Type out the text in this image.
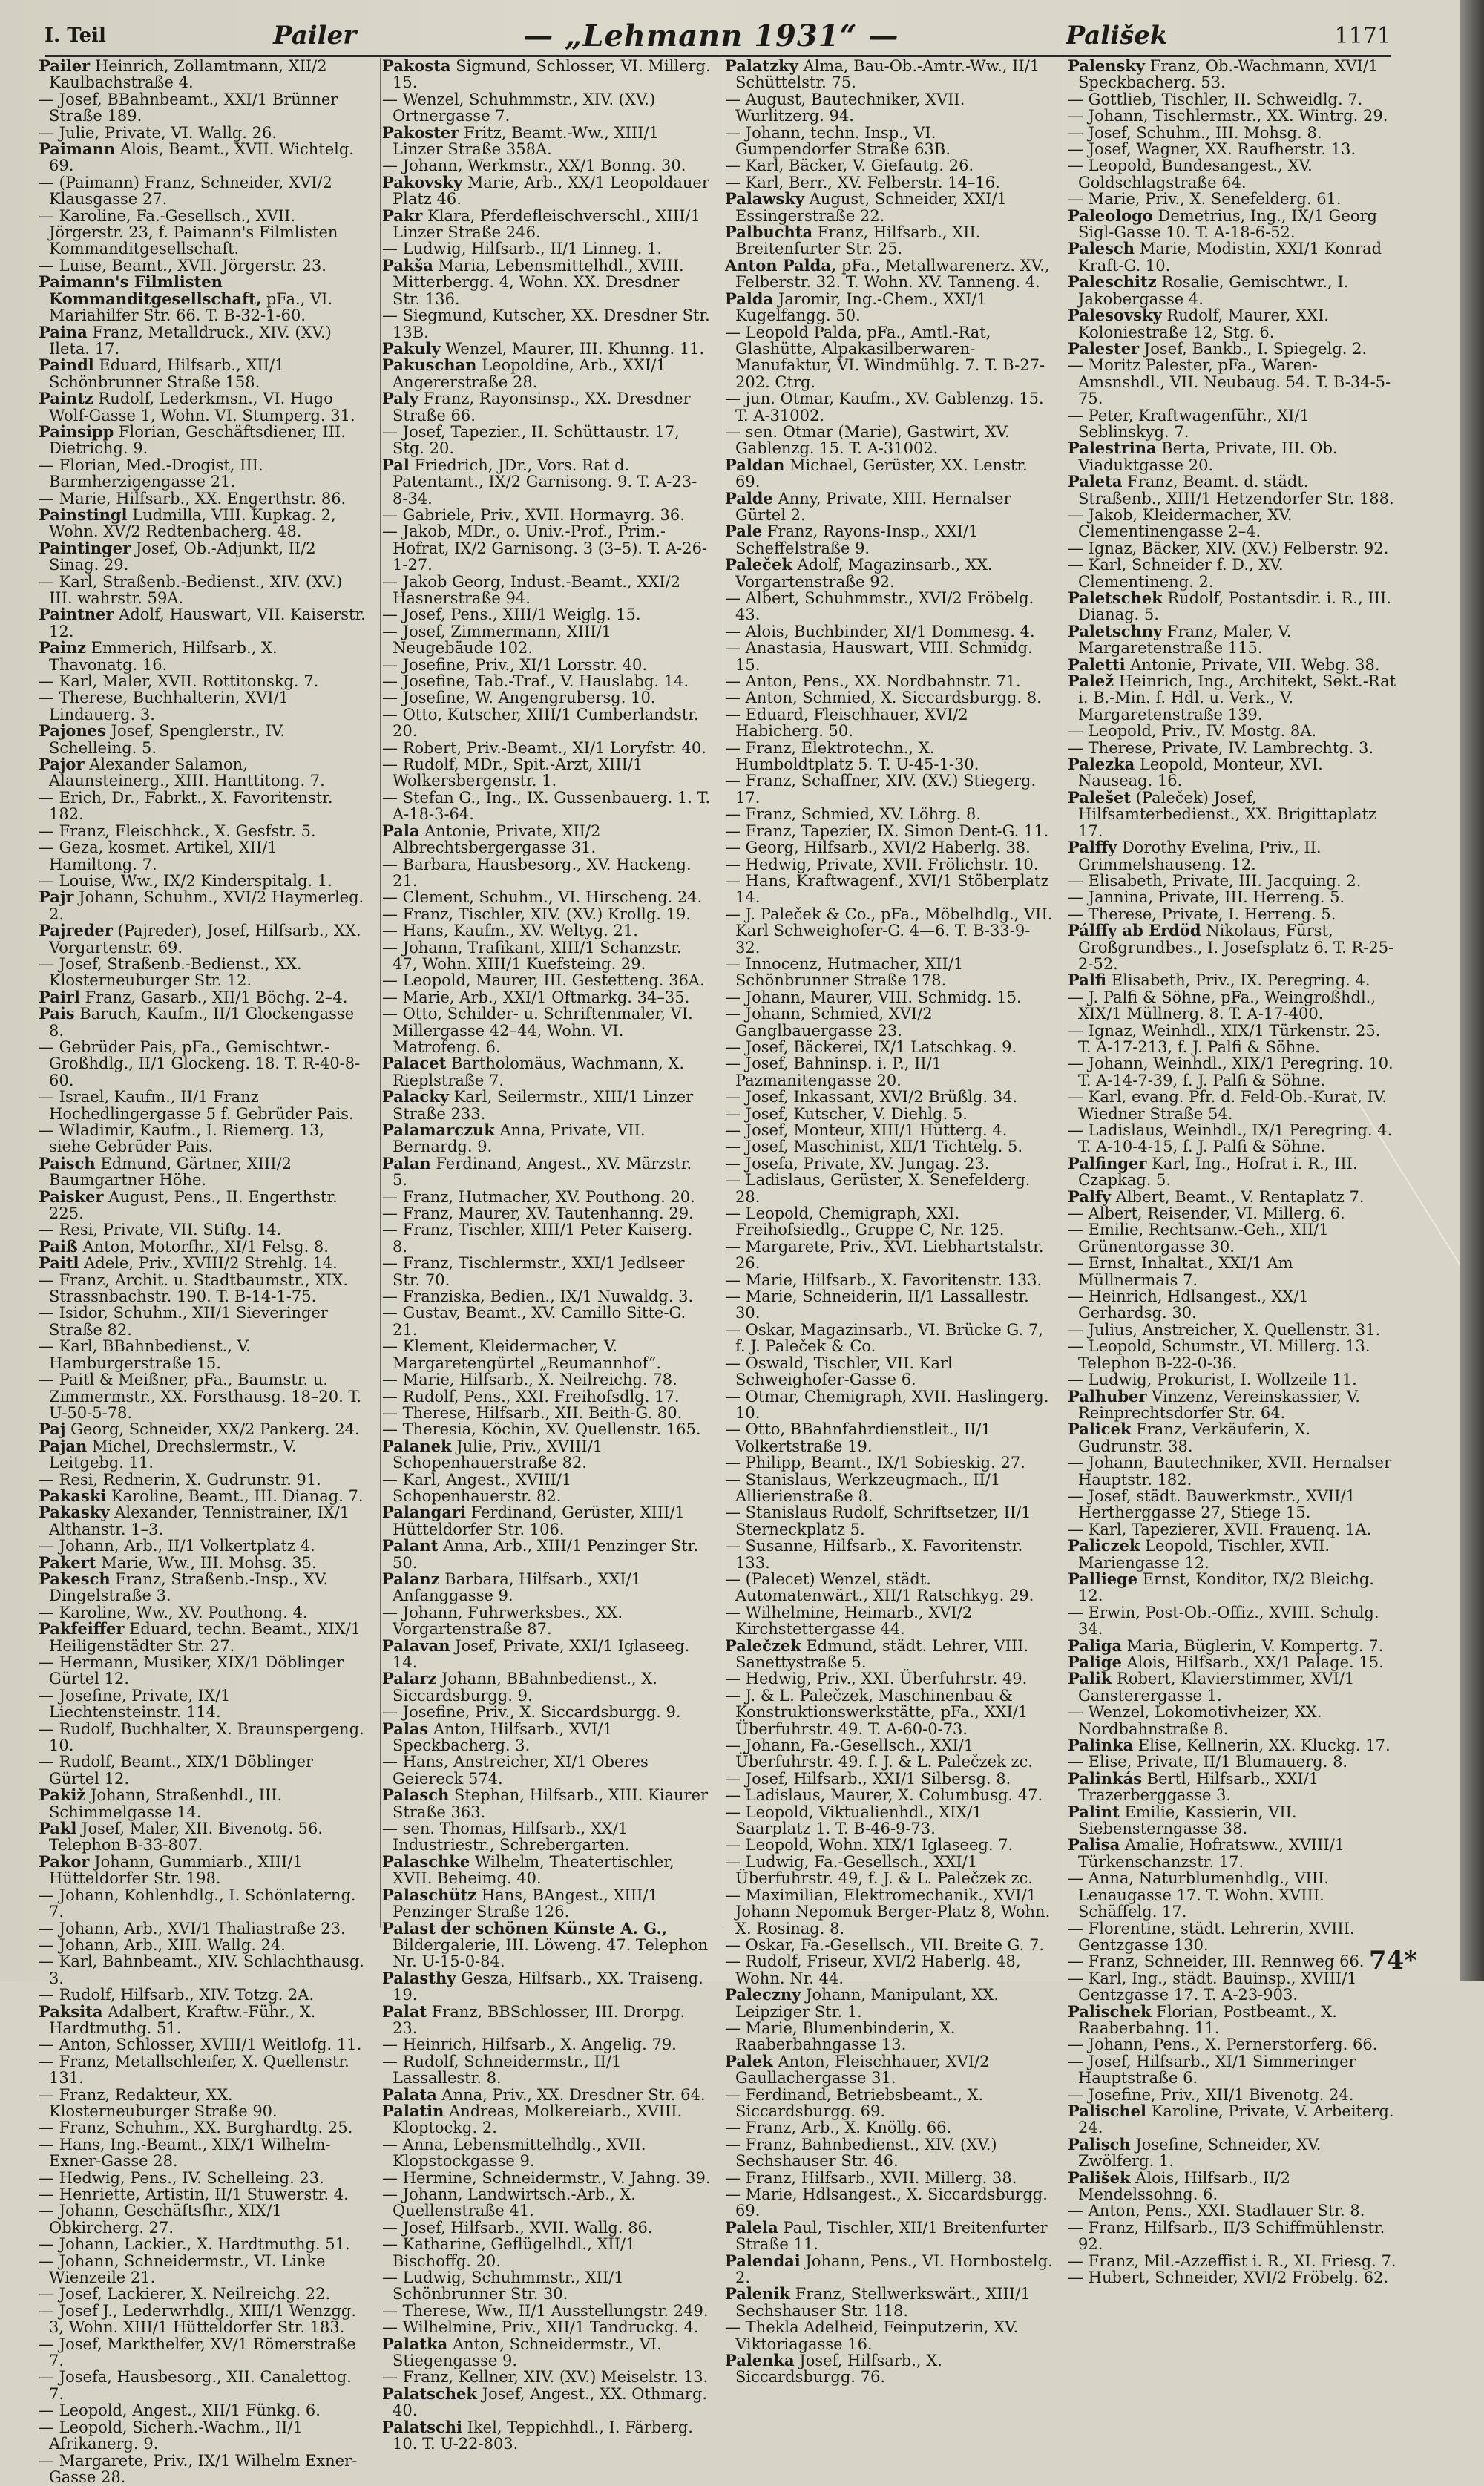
I. Teil	Pailer	— „Lehmann 1931“ —	Pališek	1171

Pailer Heinrich, Zollamtmann, XII/2 Kaulbachstraße 4.

— Josef, BBahnbeamt., XXI/1 Brünner Straße 189.

— Julie, Private, VI. Wallg. 26.

Paimann Alois, Beamt., XVII. Wichtelg. 69.

— (Paimann) Franz, Schneider, XVI/2 Klausgasse 27.

— Karoline, Fa.-Gesellsch., XVII. Jörgerstr. 23, f. Paimann's Filmlisten Kommanditgesellschaft.

— Luise, Beamt., XVII. Jörgerstr. 23.

Paimann's Filmlisten Kommanditgesellschaft, pFa., VI. Mariahilfer Str. 66. T. B-32-1-60.

Paina Franz, Metalldruck., XIV. (XV.) Ileta. 17.

Paindl Eduard, Hilfsarb., XII/1 Schönbrunner Straße 158.

Paintz Rudolf, Lederkmsn., VI. Hugo Wolf-Gasse 1, Wohn. VI. Stumperg. 31.

Painsipp Florian, Geschäftsdiener, III. Dietrichg. 9.

— Florian, Med.-Drogist, III. Barmherzigengasse 21.

— Marie, Hilfsarb., XX. Engerthstr. 86.

Painstingl Ludmilla, VIII. Kupkag. 2, Wohn. XV/2 Redtenbacherg. 48.

Paintinger Josef, Ob.-Adjunkt, II/2 Sinag. 29.

— Karl, Straßenb.-Bedienst., XIV. (XV.) III. wahrstr. 59A.

Paintner Adolf, Hauswart, VII. Kaiserstr. 12.

Painz Emmerich, Hilfsarb., X. Thavonatg. 16.

— Karl, Maler, XVII. Rottitonskg. 7.

— Therese, Buchhalterin, XVI/1 Lindauerg. 3.

Pajones Josef, Spenglerstr., IV. Schelleing. 5.

Pajor Alexander Salamon, Alaunsteinerg., XIII. Hanttitong. 7.

— Erich, Dr., Fabrkt., X. Favoritenstr. 182.

— Franz, Fleischhck., X. Gesfstr. 5.

— Geza, kosmet. Artikel, XII/1 Hamiltong. 7.

— Louise, Ww., IX/2 Kinderspitalg. 1.

Pajr Johann, Schuhm., XVI/2 Haymerleg. 2.

Pajreder (Pajreder), Josef, Hilfsarb., XX. Vorgartenstr. 69.

— Josef, Straßenb.-Bedienst., XX. Klosterneuburger Str. 12.

Pairl Franz, Gasarb., XII/1 Böchg. 2–4.

Pais Baruch, Kaufm., II/1 Glockengasse 8.

— Gebrüder Pais, pFa., Gemischtwr.-Großhdlg., II/1 Glockeng. 18. T. R-40-8-60.

— Israel, Kaufm., II/1 Franz Hochedlingergasse 5 f. Gebrüder Pais.

— Wladimir, Kaufm., I. Riemerg. 13, siehe Gebrüder Pais.

Paisch Edmund, Gärtner, XIII/2 Baumgartner Höhe.

Paisker August, Pens., II. Engerthstr. 225.

— Resi, Private, VII. Stiftg. 14.

Paiß Anton, Motorfhr., XI/1 Felsg. 8.

Paitl Adele, Priv., XVIII/2 Strehlg. 14.

— Franz, Archit. u. Stadtbaumstr., XIX. Strassnbachstr. 190. T. B-14-1-75.

— Isidor, Schuhm., XII/1 Sieveringer Straße 82.

— Karl, BBahnbedienst., V. Hamburgerstraße 15.

— Paitl & Meißner, pFa., Baumstr. u. Zimmermstr., XX. Forsthausg. 18–20. T. U-50-5-78.

Paj Georg, Schneider, XX/2 Pankerg. 24.

Pajan Michel, Drechslermstr., V. Leitgebg. 11.

— Resi, Rednerin, X. Gudrunstr. 91.

Pakaski Karoline, Beamt., III. Dianag. 7.

Pakasky Alexander, Tennistrainer, IX/1 Althanstr. 1–3.

— Johann, Arb., II/1 Volkertplatz 4.

Pakert Marie, Ww., III. Mohsg. 35.

Pakesch Franz, Straßenb.-Insp., XV. Dingelstraße 3.

— Karoline, Ww., XV. Pouthong. 4.

Pakfeiffer Eduard, techn. Beamt., XIX/1 Heiligenstädter Str. 27.

— Hermann, Musiker, XIX/1 Döblinger Gürtel 12.

— Josefine, Private, IX/1 Liechtensteinstr. 114.

— Rudolf, Buchhalter, X. Braunspergeng. 10.

— Rudolf, Beamt., XIX/1 Döblinger Gürtel 12.

Pakiž Johann, Straßenhdl., III. Schimmelgasse 14.

Pakl Josef, Maler, XII. Bivenotg. 56. Telephon B-33-807.

Pakor Johann, Gummiarb., XIII/1 Hütteldorfer Str. 198.

— Johann, Kohlenhdlg., I. Schönlaterng. 7.

— Johann, Arb., XVI/1 Thaliastraße 23.

— Johann, Arb., XIII. Wallg. 24.

— Karl, Bahnbeamt., XIV. Schlachthausg. 3.

— Rudolf, Hilfsarb., XIV. Totzg. 2A.

Paksita Adalbert, Kraftw.-Führ., X. Hardtmuthg. 51.

— Anton, Schlosser, XVIII/1 Weitlofg. 11.

— Franz, Metallschleifer, X. Quellenstr. 131.

— Franz, Redakteur, XX. Klosterneuburger Straße 90.

— Franz, Schuhm., XX. Burghardtg. 25.

— Hans, Ing.-Beamt., XIX/1 Wilhelm-Exner-Gasse 28.

— Hedwig, Pens., IV. Schelleing. 23.

— Henriette, Artistin, II/1 Stuwerstr. 4.

— Johann, Geschäftsfhr., XIX/1 Obkircherg. 27.

— Johann, Lackier., X. Hardtmuthg. 51.

— Johann, Schneidermstr., VI. Linke Wienzeile 21.

— Josef, Lackierer, X. Neilreichg. 22.

— Josef J., Lederwrhdlg., XIII/1 Wenzgg. 3, Wohn. XIII/1 Hütteldorfer Str. 183.

— Josef, Markthelfer, XV/1 Römerstraße 7.

— Josefa, Hausbesorg., XII. Canalettog. 7.

— Leopold, Angest., XII/1 Fünkg. 6.

— Leopold, Sicherh.-Wachm., II/1 Afrikanerg. 9.

— Margarete, Priv., IX/1 Wilhelm Exner-Gasse 28.

Pakosta Sigmund, Schlosser, VI. Millerg. 15.

— Wenzel, Schuhmmstr., XIV. (XV.) Ortnergasse 7.

Pakoster Fritz, Beamt.-Ww., XIII/1 Linzer Straße 358A.

— Johann, Werkmstr., XX/1 Bonng. 30.

Pakovsky Marie, Arb., XX/1 Leopoldauer Platz 46.

Pakr Klara, Pferdefleischverschl., XIII/1 Linzer Straße 246.

— Ludwig, Hilfsarb., II/1 Linneg. 1.

Pakša Maria, Lebensmittelhdl., XVIII. Mitterbergg. 4, Wohn. XX. Dresdner Str. 136.

— Siegmund, Kutscher, XX. Dresdner Str. 13B.

Pakuly Wenzel, Maurer, III. Khunng. 11.

Pakuschan Leopoldine, Arb., XXI/1 Angererstraße 28.

Paly Franz, Rayonsinsp., XX. Dresdner Straße 66.

— Josef, Tapezier., II. Schüttaustr. 17, Stg. 20.

Pal Friedrich, JDr., Vors. Rat d. Patentamt., IX/2 Garnisong. 9. T. A-23-8-34.

— Gabriele, Priv., XVII. Hormayrg. 36.

— Jakob, MDr., o. Univ.-Prof., Prim.-Hofrat, IX/2 Garnisong. 3 (3–5). T. A-26-1-27.

— Jakob Georg, Indust.-Beamt., XXI/2 Hasnerstraße 94.

— Josef, Pens., XIII/1 Weiglg. 15.

— Josef, Zimmermann, XIII/1 Neugebäude 102.

— Josefine, Priv., XI/1 Lorsstr. 40.

— Josefine, Tab.-Traf., V. Hauslabg. 14.

— Josefine, W. Angengrubersg. 10.

— Otto, Kutscher, XIII/1 Cumberlandstr. 20.

— Robert, Priv.-Beamt., XI/1 Loryfstr. 40.

— Rudolf, MDr., Spit.-Arzt, XIII/1 Wolkersbergenstr. 1.

— Stefan G., Ing., IX. Gussenbauerg. 1. T. A-18-3-64.

Pala Antonie, Private, XII/2 Albrechtsbergergasse 31.

— Barbara, Hausbesorg., XV. Hackeng. 21.

— Clement, Schuhm., VI. Hirscheng. 24.

— Franz, Tischler, XIV. (XV.) Krollg. 19.

— Hans, Kaufm., XV. Weltyg. 21.

— Johann, Trafikant, XIII/1 Schanzstr. 47, Wohn. XIII/1 Kuefsteing. 29.

— Leopold, Maurer, III. Gestetteng. 36A.

— Marie, Arb., XXI/1 Oftmarkg. 34–35.

— Otto, Schilder- u. Schriftenmaler, VI. Millergasse 42–44, Wohn. VI. Matrofeng. 6.

Palacet Bartholomäus, Wachmann, X. Rieplstraße 7.

Palacky Karl, Seilermstr., XIII/1 Linzer Straße 233.

Palamarczuk Anna, Private, VII. Bernardg. 9.

Palan Ferdinand, Angest., XV. Märzstr. 5.

— Franz, Hutmacher, XV. Pouthong. 20.

— Franz, Maurer, XV. Tautenhanng. 29.

— Franz, Tischler, XIII/1 Peter Kaiserg. 8.

— Franz, Tischlermstr., XXI/1 Jedlseer Str. 70.

— Franziska, Bedien., IX/1 Nuwaldg. 3.

— Gustav, Beamt., XV. Camillo Sitte-G. 21.

— Klement, Kleidermacher, V. Margaretengürtel „Reumannhof“.

— Marie, Hilfsarb., X. Neilreichg. 78.

— Rudolf, Pens., XXI. Freihofsdlg. 17.

— Therese, Hilfsarb., XII. Beith-G. 80.

— Theresia, Köchin, XV. Quellenstr. 165.

Palanek Julie, Priv., XVIII/1 Schopenhauerstraße 82.

— Karl, Angest., XVIII/1 Schopenhauerstr. 82.

Palangari Ferdinand, Gerüster, XIII/1 Hütteldorfer Str. 106.

Palant Anna, Arb., XIII/1 Penzinger Str. 50.

Palanz Barbara, Hilfsarb., XXI/1 Anfanggasse 9.

— Johann, Fuhrwerksbes., XX. Vorgartenstraße 87.

Palavan Josef, Private, XXI/1 Iglaseeg. 14.

Palarz Johann, BBahnbedienst., X. Siccardsburgg. 9.

— Josefine, Priv., X. Siccardsburgg. 9.

Palas Anton, Hilfsarb., XVI/1 Speckbacherg. 3.

— Hans, Anstreicher, XI/1 Oberes Geiereck 574.

Palasch Stephan, Hilfsarb., XIII. Kiaurer Straße 363.

— sen. Thomas, Hilfsarb., XX/1 Industriestr., Schrebergarten.

Palaschke Wilhelm, Theatertischler, XVII. Beheimg. 40.

Palaschütz Hans, BAngest., XIII/1 Penzinger Straße 126.

Palast der schönen Künste A. G., Bildergalerie, III. Löweng. 47. Telephon Nr. U-15-0-84.

Palasthy Gesza, Hilfsarb., XX. Traiseng. 19.

Palat Franz, BBSchlosser, III. Drorpg. 23.

— Heinrich, Hilfsarb., X. Angelig. 79.

— Rudolf, Schneidermstr., II/1 Lassallestr. 8.

Palata Anna, Priv., XX. Dresdner Str. 64.

Palatin Andreas, Molkereiarb., XVIII. Kloptockg. 2.

— Anna, Lebensmittelhdlg., XVII. Klopstockgasse 9.

— Hermine, Schneidermstr., V. Jahng. 39.

— Johann, Landwirtsch.-Arb., X. Quellenstraße 41.

— Josef, Hilfsarb., XVII. Wallg. 86.

— Katharine, Geflügelhdl., XII/1 Bischoffg. 20.

— Ludwig, Schuhmmstr., XII/1 Schönbrunner Str. 30.

— Therese, Ww., II/1 Ausstellungstr. 249.

— Wilhelmine, Priv., XII/1 Tandruckg. 4.

Palatka Anton, Schneidermstr., VI. Stiegengasse 9.

— Franz, Kellner, XIV. (XV.) Meiselstr. 13.

Palatschek Josef, Angest., XX. Othmarg. 40.

Palatschi Ikel, Teppichhdl., I. Färberg. 10. T. U-22-803.

Palatzky Alma, Bau-Ob.-Amtr.-Ww., II/1 Schüttelstr. 75.

— August, Bautechniker, XVII. Wurlitzerg. 94.

— Johann, techn. Insp., VI. Gumpendorfer Straße 63B.

— Karl, Bäcker, V. Giefautg. 26.

— Karl, Berr., XV. Felberstr. 14–16.

Palawsky August, Schneider, XXI/1 Essingerstraße 22.

Palbuchta Franz, Hilfsarb., XII. Breitenfurter Str. 25.

Anton Palda, pFa., Metallwarenerz. XV., Felberstr. 32. T. Wohn. XV. Tanneng. 4.

Palda Jaromir, Ing.-Chem., XXI/1 Kugelfangg. 50.

— Leopold Palda, pFa., Amtl.-Rat, Glashütte, Alpakasilberwaren-Manufaktur, VI. Windmühlg. 7. T. B-27-202. Ctrg.

— jun. Otmar, Kaufm., XV. Gablenzg. 15. T. A-31002.

— sen. Otmar (Marie), Gastwirt, XV. Gablenzg. 15. T. A-31002.

Paldan Michael, Gerüster, XX. Lenstr. 69.

Palde Anny, Private, XIII. Hernalser Gürtel 2.

Pale Franz, Rayons-Insp., XXI/1 Scheffelstraße 9.

Paleček Adolf, Magazinsarb., XX. Vorgartenstraße 92.

— Albert, Schuhmmstr., XVI/2 Fröbelg. 43.

— Alois, Buchbinder, XI/1 Dommesg. 4.

— Anastasia, Hauswart, VIII. Schmidg. 15.

— Anton, Pens., XX. Nordbahnstr. 71.

— Anton, Schmied, X. Siccardsburgg. 8.

— Eduard, Fleischhauer, XVI/2 Habicherg. 50.

— Franz, Elektrotechn., X. Humboldtplatz 5. T. U-45-1-30.

— Franz, Schaffner, XIV. (XV.) Stiegerg. 17.

— Franz, Schmied, XV. Löhrg. 8.

— Franz, Tapezier, IX. Simon Dent-G. 11.

— Georg, Hilfsarb., XVI/2 Haberlg. 38.

— Hedwig, Private, XVII. Frölichstr. 10.

— Hans, Kraftwagenf., XVI/1 Stöberplatz 14.

— J. Paleček & Co., pFa., Möbelhdlg., VII. Karl Schweighofer-G. 4—6. T. B-33-9-32.

— Innocenz, Hutmacher, XII/1 Schönbrunner Straße 178.

— Johann, Maurer, VIII. Schmidg. 15.

— Johann, Schmied, XVI/2 Ganglbauergasse 23.

— Josef, Bäckerei, IX/1 Latschkag. 9.

— Josef, Bahninsp. i. P., II/1 Pazmanitengasse 20.

— Josef, Inkassant, XVI/2 Brüßlg. 34.

— Josef, Kutscher, V. Diehlg. 5.

— Josef, Monteur, XIII/1 Hütterg. 4.

— Josef, Maschinist, XII/1 Tichtelg. 5.

— Josefa, Private, XV. Jungag. 23.

— Ladislaus, Gerüster, X. Senefelderg. 28.

— Leopold, Chemigraph, XXI. Freihofsiedlg., Gruppe C, Nr. 125.

— Margarete, Priv., XVI. Liebhartstalstr. 26.

— Marie, Hilfsarb., X. Favoritenstr. 133.

— Marie, Schneiderin, II/1 Lassallestr. 30.

— Oskar, Magazinsarb., VI. Brücke G. 7, f. J. Paleček & Co.

— Oswald, Tischler, VII. Karl Schweighofer-Gasse 6.

— Otmar, Chemigraph, XVII. Haslingerg. 10.

— Otto, BBahnfahrdienstleit., II/1 Volkertstraße 19.

— Philipp, Beamt., IX/1 Sobieskig. 27.

— Stanislaus, Werkzeugmach., II/1 Allierienstraße 8.

— Stanislaus Rudolf, Schriftsetzer, II/1 Sterneckplatz 5.

— Susanne, Hilfsarb., X. Favoritenstr. 133.

— (Palecet) Wenzel, städt. Automatenwärt., XII/1 Ratschkyg. 29.

— Wilhelmine, Heimarb., XVI/2 Kirchstettergasse 44.

Palečzek Edmund, städt. Lehrer, VIII. Sanettystraße 5.

— Hedwig, Priv., XXI. Überfuhrstr. 49.

— J. & L. Palečzek, Maschinenbau & Konstruktionswerkstätte, pFa., XXI/1 Überfuhrstr. 49. T. A-60-0-73.

— Johann, Fa.-Gesellsch., XXI/1 Überfuhrstr. 49. f. J. & L. Palečzek zc.

— Josef, Hilfsarb., XXI/1 Silbersg. 8.

— Ladislaus, Maurer, X. Columbusg. 47.

— Leopold, Viktualienhdl., XIX/1 Saarplatz 1. T. B-46-9-73.

— Leopold, Wohn. XIX/1 Iglaseeg. 7.

— Ludwig, Fa.-Gesellsch., XXI/1 Überfuhrstr. 49, f. J. & L. Palečzek zc.

— Maximilian, Elektromechanik., XVI/1 Johann Nepomuk Berger-Platz 8, Wohn. X. Rosinag. 8.

— Oskar, Fa.-Gesellsch., VII. Breite G. 7.

— Rudolf, Friseur, XVI/2 Haberlg. 48, Wohn. Nr. 44.

Paleczny Johann, Manipulant, XX. Leipziger Str. 1.

— Marie, Blumenbinderin, X. Raaberbahngasse 13.

Palek Anton, Fleischhauer, XVI/2 Gaullachergasse 31.

— Ferdinand, Betriebsbeamt., X. Siccardsburgg. 69.

— Franz, Arb., X. Knöllg. 66.

— Franz, Bahnbedienst., XIV. (XV.) Sechshauser Str. 46.

— Franz, Hilfsarb., XVII. Millerg. 38.

— Marie, Hdlsangest., X. Siccardsburgg. 69.

Palela Paul, Tischler, XII/1 Breitenfurter Straße 11.

Palendai Johann, Pens., VI. Hornbostelg. 2.

Palenik Franz, Stellwerkswärt., XIII/1 Sechshauser Str. 118.

— Thekla Adelheid, Feinputzerin, XV. Viktoriagasse 16.

Palenka Josef, Hilfsarb., X. Siccardsburgg. 76.

Palensky Franz, Ob.-Wachmann, XVI/1 Speckbacherg. 53.

— Gottlieb, Tischler, II. Schweidlg. 7.

— Johann, Tischlermstr., XX. Wintrg. 29.

— Josef, Schuhm., III. Mohsg. 8.

— Josef, Wagner, XX. Raufherstr. 13.

— Leopold, Bundesangest., XV. Goldschlagstraße 64.

— Marie, Priv., X. Senefelderg. 61.

Paleologo Demetrius, Ing., IX/1 Georg Sigl-Gasse 10. T. A-18-6-52.

Palesch Marie, Modistin, XXI/1 Konrad Kraft-G. 10.

Paleschitz Rosalie, Gemischtwr., I. Jakobergasse 4.

Palesovsky Rudolf, Maurer, XXI. Koloniestraße 12, Stg. 6.

Palester Josef, Bankb., I. Spiegelg. 2.

— Moritz Palester, pFa., Waren-Amsnshdl., VII. Neubaug. 54. T. B-34-5-75.

— Peter, Kraftwagenführ., XI/1 Seblinskyg. 7.

Palestrina Berta, Private, III. Ob. Viaduktgasse 20.

Paleta Franz, Beamt. d. städt. Straßenb., XIII/1 Hetzendorfer Str. 188.

— Jakob, Kleidermacher, XV. Clementinengasse 2–4.

— Ignaz, Bäcker, XIV. (XV.) Felberstr. 92.

— Karl, Schneider f. D., XV. Clementineng. 2.

Paletschek Rudolf, Postantsdir. i. R., III. Dianag. 5.

Paletschny Franz, Maler, V. Margaretenstraße 115.

Paletti Antonie, Private, VII. Webg. 38.

Palež Heinrich, Ing., Architekt, Sekt.-Rat i. B.-Min. f. Hdl. u. Verk., V. Margaretenstraße 139.

— Leopold, Priv., IV. Mostg. 8A.

— Therese, Private, IV. Lambrechtg. 3.

Palezka Leopold, Monteur, XVI. Nauseag. 16.

Palešet (Paleček) Josef, Hilfsamterbedienst., XX. Brigittaplatz 17.

Palffy Dorothy Evelina, Priv., II. Grimmelshauseng. 12.

— Elisabeth, Private, III. Jacquing. 2.

— Jannina, Private, III. Herreng. 5.

— Therese, Private, I. Herreng. 5.

Pálffy ab Erdöd Nikolaus, Fürst, Großgrundbes., I. Josefsplatz 6. T. R-25-2-52.

Palfi Elisabeth, Priv., IX. Peregring. 4.

— J. Palfi & Söhne, pFa., Weingroßhdl., XIX/1 Müllnerg. 8. T. A-17-400.

— Ignaz, Weinhdl., XIX/1 Türkenstr. 25. T. A-17-213, f. J. Palfi & Söhne.

— Johann, Weinhdl., XIX/1 Peregring. 10. T. A-14-7-39, f. J. Palfi & Söhne.

— Karl, evang. Pfr. d. Feld-Ob.-Kurat, IV. Wiedner Straße 54.

— Ladislaus, Weinhdl., IX/1 Peregring. 4. T. A-10-4-15, f. J. Palfi & Söhne.

Palfinger Karl, Ing., Hofrat i. R., III. Czapkag. 5.

Palfy Albert, Beamt., V. Rentaplatz 7.

— Albert, Reisender, VI. Millerg. 6.

— Emilie, Rechtsanw.-Geh., XII/1 Grünentorgasse 30.

— Ernst, Inhaltat., XXI/1 Am Müllnermais 7.

— Heinrich, Hdlsangest., XX/1 Gerhardsg. 30.

— Julius, Anstreicher, X. Quellenstr. 31.

— Leopold, Schumstr., VI. Millerg. 13. Telephon B-22-0-36.

— Ludwig, Prokurist, I. Wollzeile 11.

Palhuber Vinzenz, Vereinskassier, V. Reinprechtsdorfer Str. 64.

Palicek Franz, Verkäuferin, X. Gudrunstr. 38.

— Johann, Bautechniker, XVII. Hernalser Hauptstr. 182.

— Josef, städt. Bauwerkmstr., XVII/1 Hertherggasse 27, Stiege 15.

— Karl, Tapezierer, XVII. Frauenq. 1A.

Paliczek Leopold, Tischler, XVII. Mariengasse 12.

Palliege Ernst, Konditor, IX/2 Bleichg. 12.

— Erwin, Post-Ob.-Offiz., XVIII. Schulg. 34.

Paliga Maria, Büglerin, V. Kompertg. 7.

Palige Alois, Hilfsarb., XX/1 Palage. 15.

Palik Robert, Klavierstimmer, XVI/1 Gansterergasse 1.

— Wenzel, Lokomotivheizer, XX. Nordbahnstraße 8.

Palinka Elise, Kellnerin, XX. Kluckg. 17.

— Elise, Private, II/1 Blumauerg. 8.

Palinkás Bertl, Hilfsarb., XXI/1 Trazerberggasse 3.

Palint Emilie, Kassierin, VII. Siebensterngasse 38.

Palisa Amalie, Hofratsww., XVIII/1 Türkenschanzstr. 17.

— Anna, Naturblumenhdlg., VIII. Lenaugasse 17. T. Wohn. XVIII. Schäffelg. 17.

— Florentine, städt. Lehrerin, XVIII. Gentzgasse 130.

— Franz, Schneider, III. Rennweg 66.

— Karl, Ing., städt. Bauinsp., XVIII/1 Gentzgasse 17. T. A-23-903.

Palischek Florian, Postbeamt., X. Raaberbahng. 11.

— Johann, Pens., X. Pernerstorferg. 66.

— Josef, Hilfsarb., XI/1 Simmeringer Hauptstraße 6.

— Josefine, Priv., XII/1 Bivenotg. 24.

Palischel Karoline, Private, V. Arbeiterg. 24.

Palisch Josefine, Schneider, XV. Zwölferg. 1.

Pališek Alois, Hilfsarb., II/2 Mendelssohng. 6.

— Anton, Pens., XXI. Stadlauer Str. 8.

— Franz, Hilfsarb., II/3 Schiffmühlenstr. 92.

— Franz, Mil.-Azzeffist i. R., XI. Friesg. 7.

— Hubert, Schneider, XVI/2 Fröbelg. 62.

74*
